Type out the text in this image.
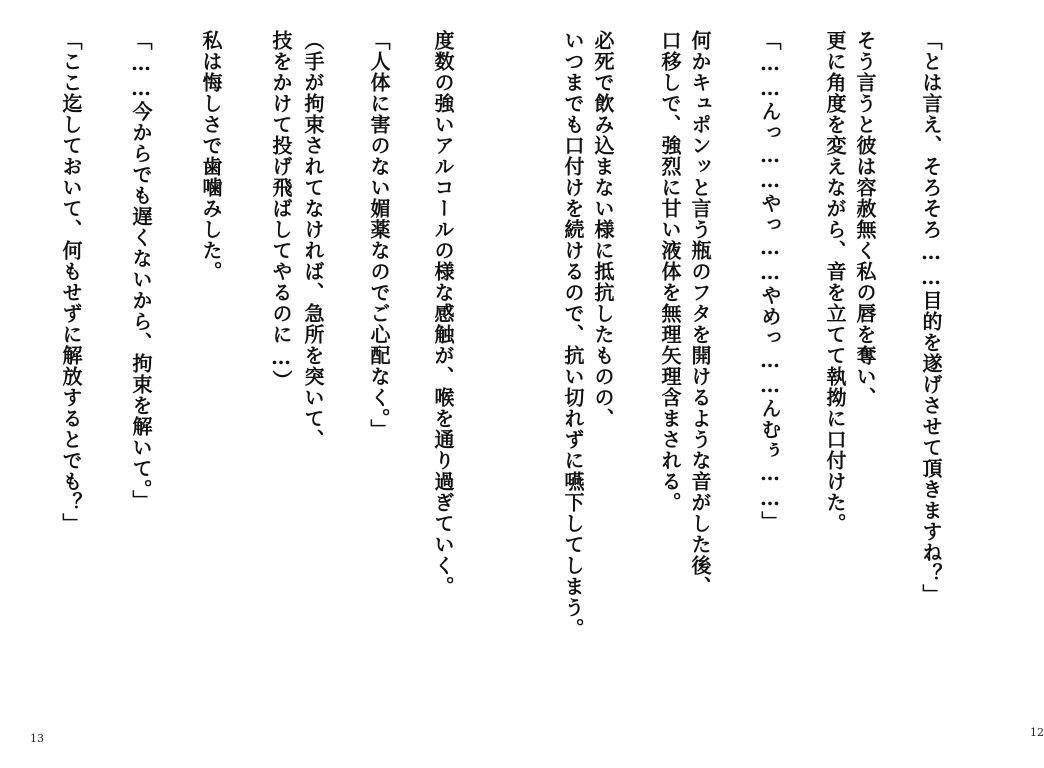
「とは言え、そろそろ……目的を遂げさせて頂きますね？」

そう言うと彼は容赦無く私の唇を奪い、

更に角度を変えながら、音を立てて執拗に口付けた。

「……んっ……やっ……やめっ……んむぅ……」

何かキュポンッと言う瓶のフタを開けるような音がした後、

口移しで、強烈に甘い液体を無理矢理含まされる。

必死で飲み込まない様に抵抗したものの、

いつまでも口付けを続けるので、抗い切れずに嚥下してしまう。

12

度数の強いアルコールの様な感触が、喉を通り過ぎていく。

「人体に害のない媚薬なのでご心配なく。」

（手が拘束されてなければ、急所を突いて、

技をかけて投げ飛ばしてやるのに…）

私は悔しさで歯噛みした。

「……今からでも遅くないから、拘束を解いて。」

「ここ迄しておいて、何もせずに解放するとでも？」

13
